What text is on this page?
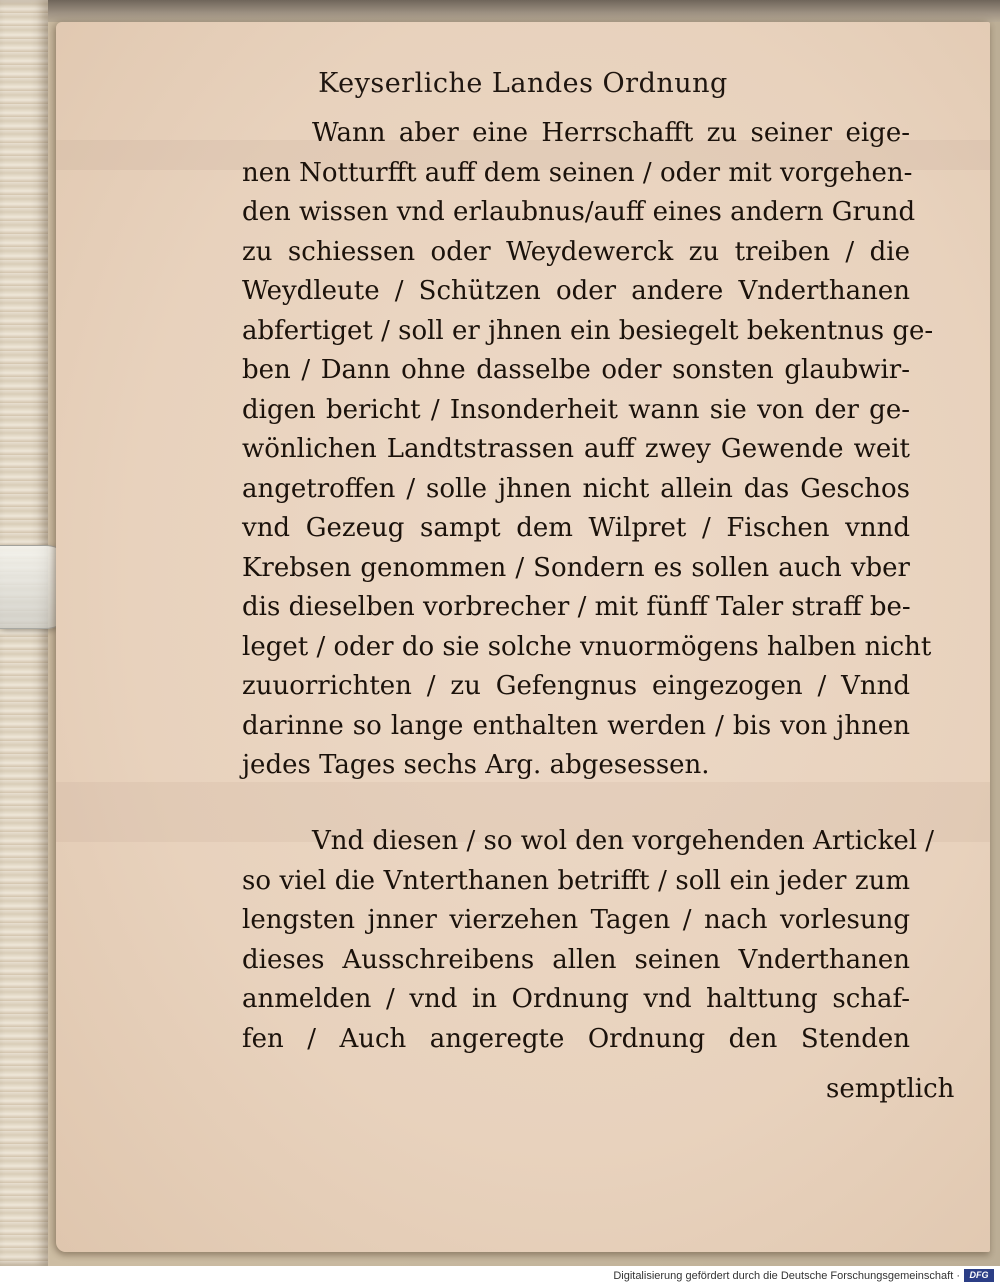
Keyserliche Landes Ordnung
Wann aber eine Herrschafft zu seiner eige-
nen Notturfft auff dem seinen / oder mit vorgehen-
den wissen vnd erlaubnus/auff eines andern Grund
zu schiessen oder Weydewerck zu treiben / die
Weydleute / Schützen oder andere Vnderthanen
abfertiget / soll er jhnen ein besiegelt bekentnus ge-
ben / Dann ohne dasselbe oder sonsten glaubwir-
digen bericht / Insonderheit wann sie von der ge-
wönlichen Landtstrassen auff zwey Gewende weit
angetroffen / solle jhnen nicht allein das Geschos
vnd Gezeug sampt dem Wilpret / Fischen vnnd
Krebsen genommen / Sondern es sollen auch vber
dis dieselben vorbrecher / mit fünff Taler straff be-
leget / oder do sie solche vnuormögens halben nicht
zuuorrichten / zu Gefengnus eingezogen / Vnnd
darinne so lange enthalten werden / bis von jhnen
jedes Tages sechs Arg. abgesessen.
Vnd diesen / so wol den vorgehenden Artickel /
so viel die Vnterthanen betrifft / soll ein jeder zum
lengsten jnner vierzehen Tagen / nach vorlesung
dieses Ausschreibens allen seinen Vnderthanen
anmelden / vnd in Ordnung vnd halttung schaf-
fen / Auch angeregte Ordnung den Stenden
semptlich
Digitalisierung gefördert durch die Deutsche Forschungsgemeinschaft ·	DFG
